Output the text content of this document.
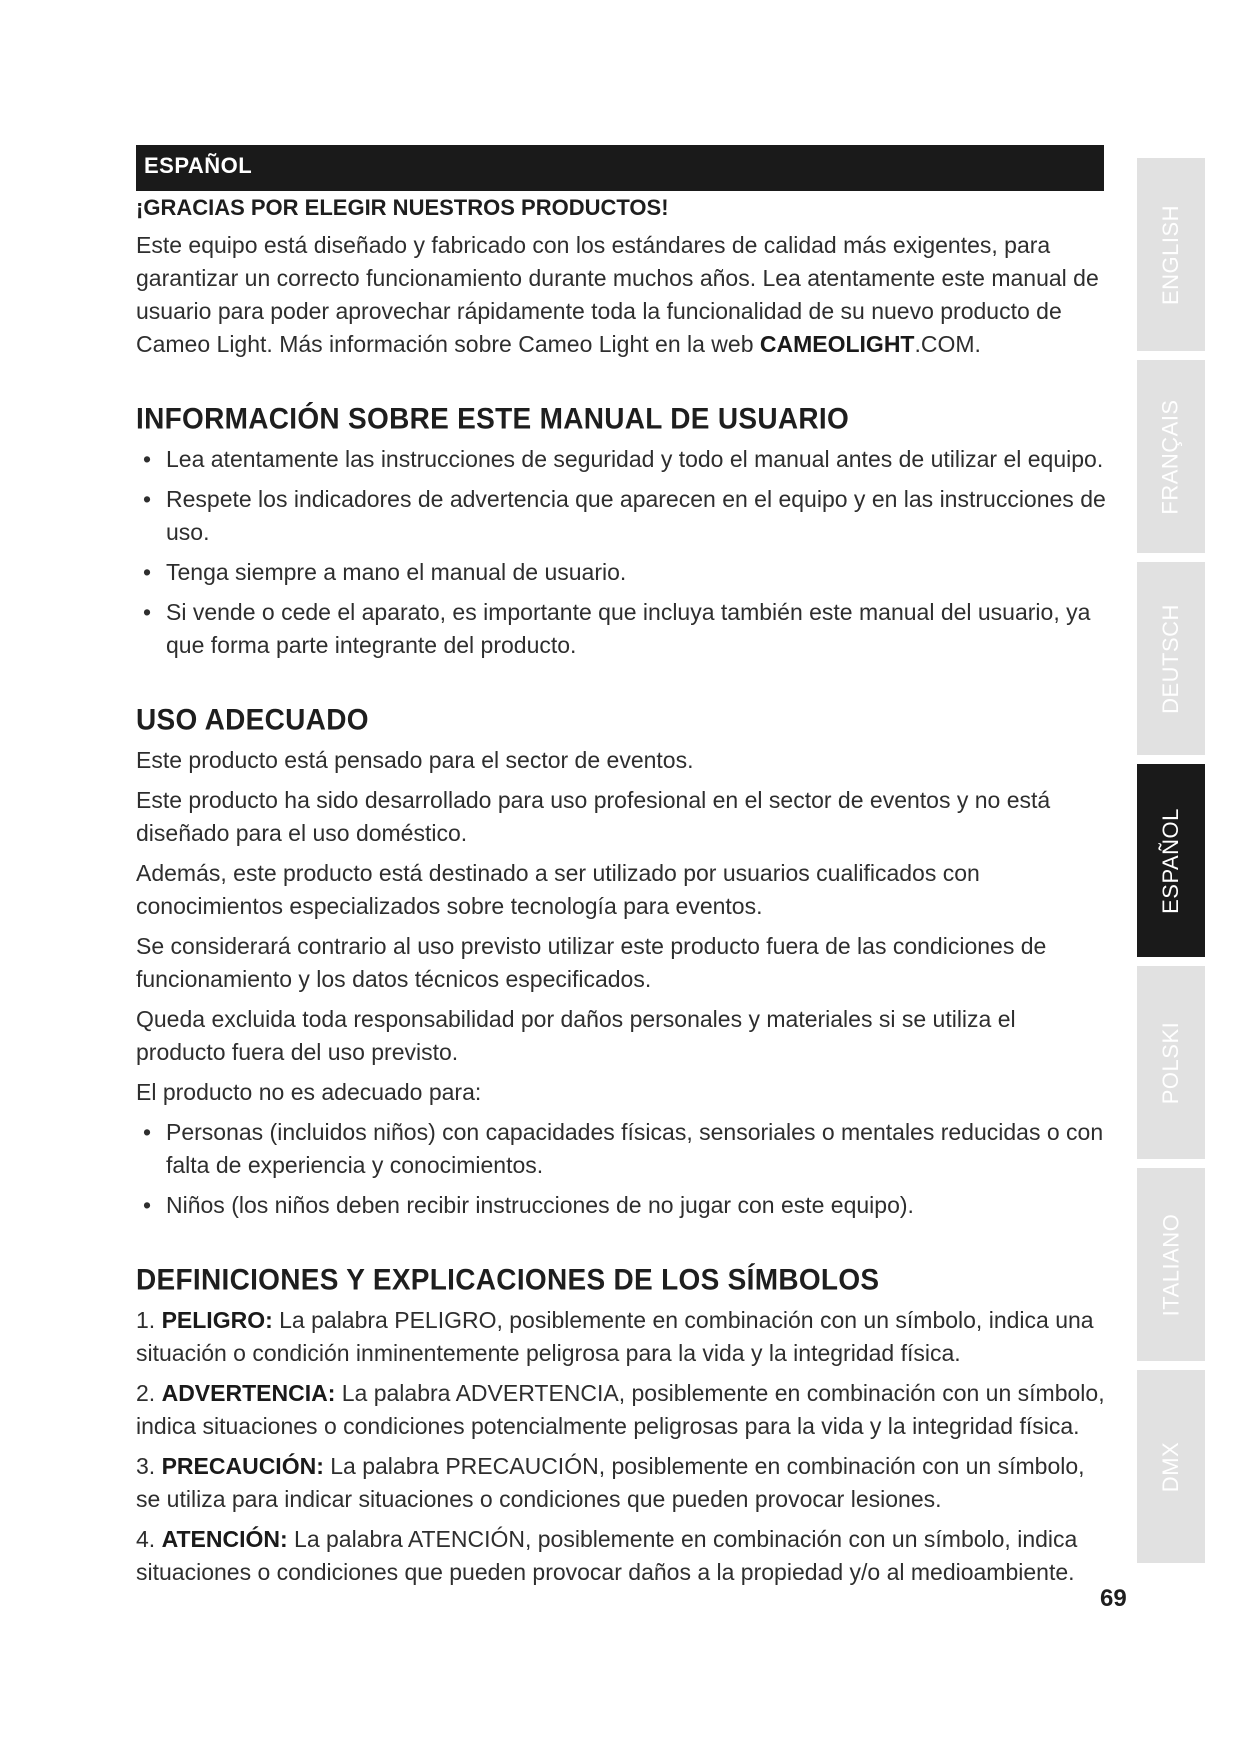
ESPAÑOL
¡GRACIAS POR ELEGIR NUESTROS PRODUCTOS!

Este equipo está diseñado y fabricado con los estándares de calidad más exigentes, para garantizar un correcto funcionamiento durante muchos años. Lea atentamente este manual de usuario para poder aprovechar rápidamente toda la funcionalidad de su nuevo producto de Cameo Light. Más información sobre Cameo Light en la web CAMEOLIGHT.COM.

INFORMACIÓN SOBRE ESTE MANUAL DE USUARIO
• Lea atentamente las instrucciones de seguridad y todo el manual antes de utilizar el equipo.
• Respete los indicadores de advertencia que aparecen en el equipo y en las instrucciones de uso.
• Tenga siempre a mano el manual de usuario.
• Si vende o cede el aparato, es importante que incluya también este manual del usuario, ya que forma parte integrante del producto.
USO ADECUADO

Este producto está pensado para el sector de eventos.

Este producto ha sido desarrollado para uso profesional en el sector de eventos y no está diseñado para el uso doméstico.

Además, este producto está destinado a ser utilizado por usuarios cualificados con conocimientos especializados sobre tecnología para eventos.

Se considerará contrario al uso previsto utilizar este producto fuera de las condiciones de funcionamiento y los datos técnicos especificados.

Queda excluida toda responsabilidad por daños personales y materiales si se utiliza el producto fuera del uso previsto.

El producto no es adecuado para:

• Personas (incluidos niños) con capacidades físicas, sensoriales o mentales reducidas o con falta de experiencia y conocimientos.
• Niños (los niños deben recibir instrucciones de no jugar con este equipo).
DEFINICIONES Y EXPLICACIONES DE LOS SÍMBOLOS
1. PELIGRO: La palabra PELIGRO, posiblemente en combinación con un símbolo, indica una situación o condición inminentemente peligrosa para la vida y la integridad física.
2. ADVERTENCIA: La palabra ADVERTENCIA, posiblemente en combinación con un símbolo, indica situaciones o condiciones potencialmente peligrosas para la vida y la integridad física.
3. PRECAUCIÓN: La palabra PRECAUCIÓN, posiblemente en combinación con un símbolo, se utiliza para indicar situaciones o condiciones que pueden provocar lesiones.
4. ATENCIÓN: La palabra ATENCIÓN, posiblemente en combinación con un símbolo, indica situaciones o condiciones que pueden provocar daños a la propiedad y/o al medioambiente.
69
ENGLISH
FRANÇAIS
DEUTSCH
ESPAÑOL
POLSKI
ITALIANO
DMX
